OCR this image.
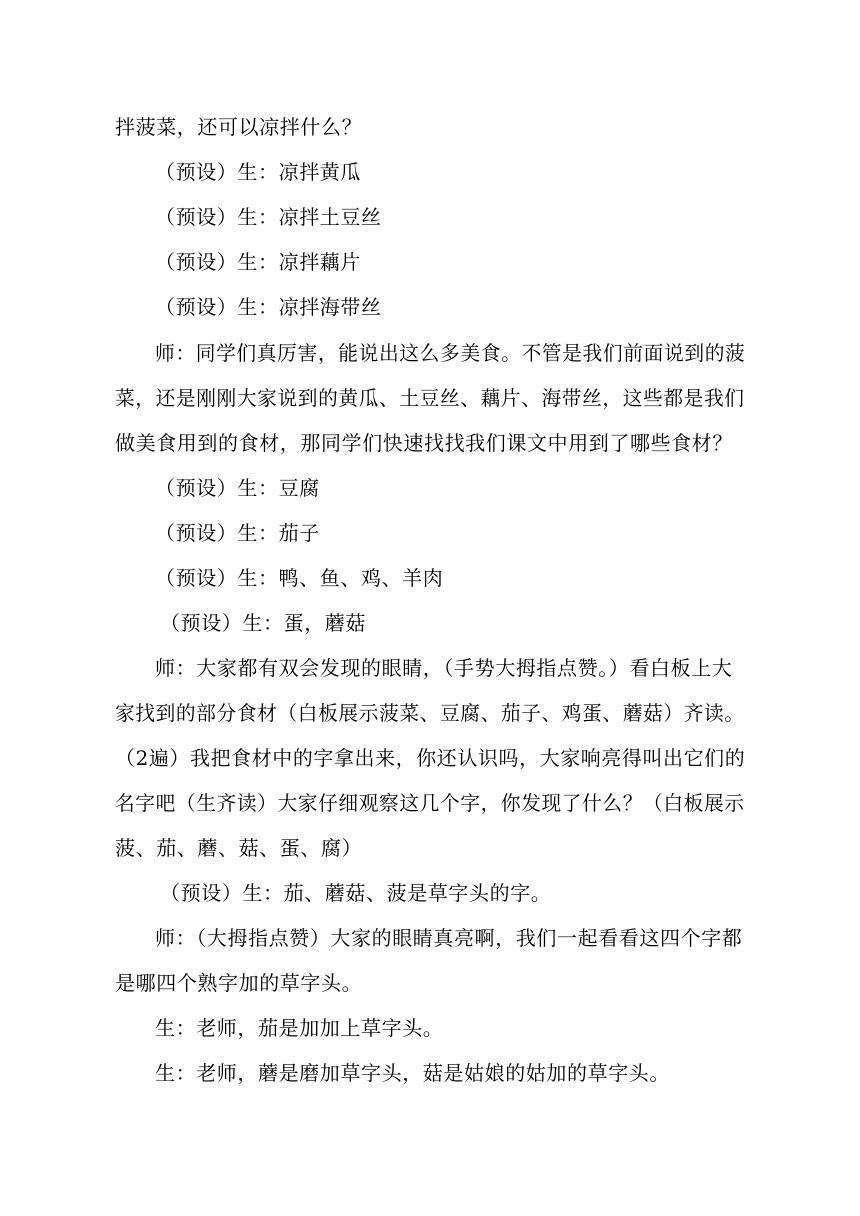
拌菠菜，还可以凉拌什么？
（预设）生：凉拌黄瓜
（预设）生：凉拌土豆丝
（预设）生：凉拌藕片
（预设）生：凉拌海带丝
师：同学们真厉害，能说出这么多美食。不管是我们前面说到的菠
菜，还是刚刚大家说到的黄瓜、土豆丝、藕片、海带丝，这些都是我们
做美食用到的食材，那同学们快速找找我们课文中用到了哪些食材？
（预设）生：豆腐
（预设）生：茄子
（预设）生：鸭、鱼、鸡、羊肉
（预设）生：蛋，蘑菇
师：大家都有双会发现的眼睛，（手势大拇指点赞。）看白板上大
家找到的部分食材（白板展示菠菜、豆腐、茄子、鸡蛋、蘑菇）齐读。
（2遍）我把食材中的字拿出来，你还认识吗，大家响亮得叫出它们的
名字吧（生齐读）大家仔细观察这几个字，你发现了什么？（白板展示
菠、茄、蘑、菇、蛋、腐）
（预设）生：茄、蘑菇、菠是草字头的字。
师：（大拇指点赞）大家的眼睛真亮啊，我们一起看看这四个字都
是哪四个熟字加的草字头。
生：老师，茄是加加上草字头。
生：老师，蘑是磨加草字头，菇是姑娘的姑加的草字头。
